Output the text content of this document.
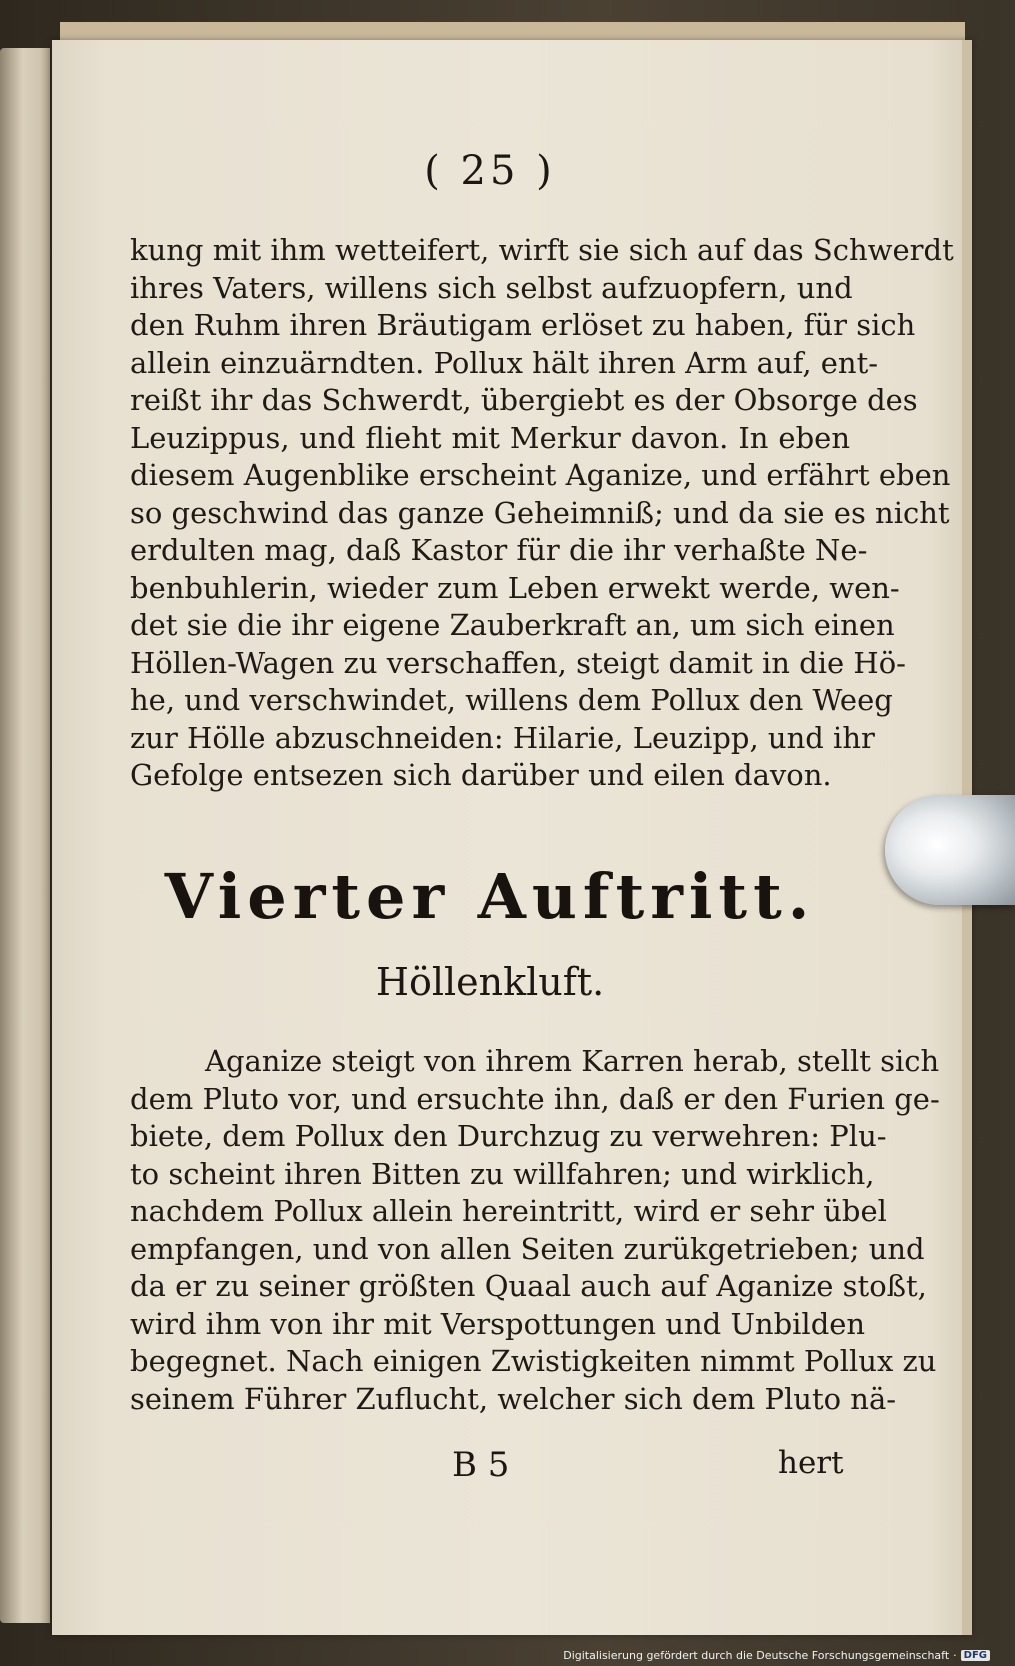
( 25 )
kung mit ihm wetteifert, wirft sie sich auf das Schwerdt
ihres Vaters, willens sich selbst aufzuopfern, und
den Ruhm ihren Bräutigam erlöset zu haben, für sich
allein einzuärndten. Pollux hält ihren Arm auf, ent-
reißt ihr das Schwerdt, übergiebt es der Obsorge des
Leuzippus, und flieht mit Merkur davon. In eben
diesem Augenblike erscheint Aganize, und erfährt eben
so geschwind das ganze Geheimniß; und da sie es nicht
erdulten mag, daß Kastor für die ihr verhaßte Ne-
benbuhlerin, wieder zum Leben erwekt werde, wen-
det sie die ihr eigene Zauberkraft an, um sich einen
Höllen-Wagen zu verschaffen, steigt damit in die Hö-
he, und verschwindet, willens dem Pollux den Weeg
zur Hölle abzuschneiden: Hilarie, Leuzipp, und ihr
Gefolge entsezen sich darüber und eilen davon.
Vierter Auftritt.
Höllenkluft.
Aganize steigt von ihrem Karren herab, stellt sich
dem Pluto vor, und ersuchte ihn, daß er den Furien ge-
biete, dem Pollux den Durchzug zu verwehren: Plu-
to scheint ihren Bitten zu willfahren; und wirklich,
nachdem Pollux allein hereintritt, wird er sehr übel
empfangen, und von allen Seiten zurükgetrieben; und
da er zu seiner größten Quaal auch auf Aganize stoßt,
wird ihm von ihr mit Verspottungen und Unbilden
begegnet. Nach einigen Zwistigkeiten nimmt Pollux zu
seinem Führer Zuflucht, welcher sich dem Pluto nä-
B 5	hert
Digitalisierung gefördert durch die Deutsche Forschungsgemeinschaft · DFG
